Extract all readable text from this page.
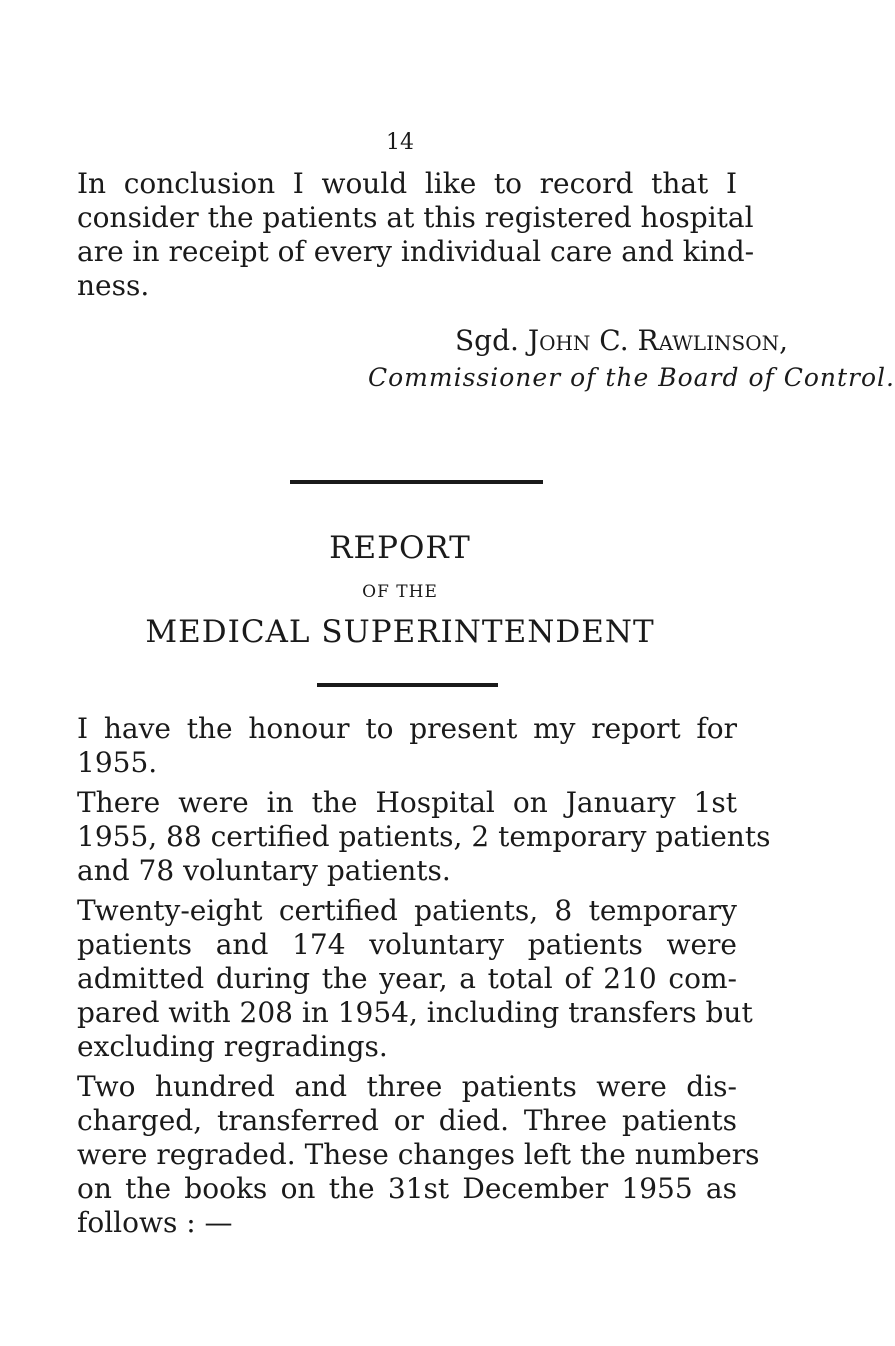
14
In conclusion I would like to record that I
consider the patients at this registered hospital
are in receipt of every individual care and kind-
ness.
Sgd. John C. Rawlinson,
Commissioner of the Board of Control.
REPORT
OF THE
MEDICAL SUPERINTENDENT
I have the honour to present my report for
1955.
There were in the Hospital on January 1st
1955, 88 certified patients, 2 temporary patients
and 78 voluntary patients.
Twenty-eight certified patients, 8 temporary
patients and 174 voluntary patients were
admitted during the year, a total of 210 com-
pared with 208 in 1954, including transfers but
excluding regradings.
Two hundred and three patients were dis-
charged, transferred or died. Three patients
were regraded. These changes left the numbers
on the books on the 31st December 1955 as
follows : —
